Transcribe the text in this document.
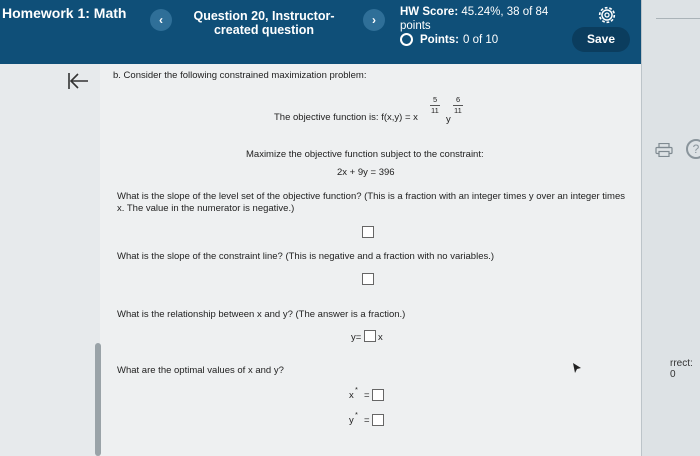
Homework 1: Math	‹	Question 20, Instructor-created question
›
HW Score: 45.24%, 38 of 84 points
Points: 0 of 10	Save
?
rrect: 0
b. Consider the following constrained maximization problem:
The objective function is: f(x,y) = x
5
11
y
6
11
Maximize the objective function subject to the constraint:
2x + 9y = 396
What is the slope of the level set of the objective function? (This is a fraction with an integer times y over an integer times x. The value in the numerator is negative.)
What is the slope of the constraint line? (This is negative and a fraction with no variables.)
What is the relationship between x and y? (The answer is a fraction.)
y= x
What are the optimal values of x and y?
x
*
=
y
*
=
